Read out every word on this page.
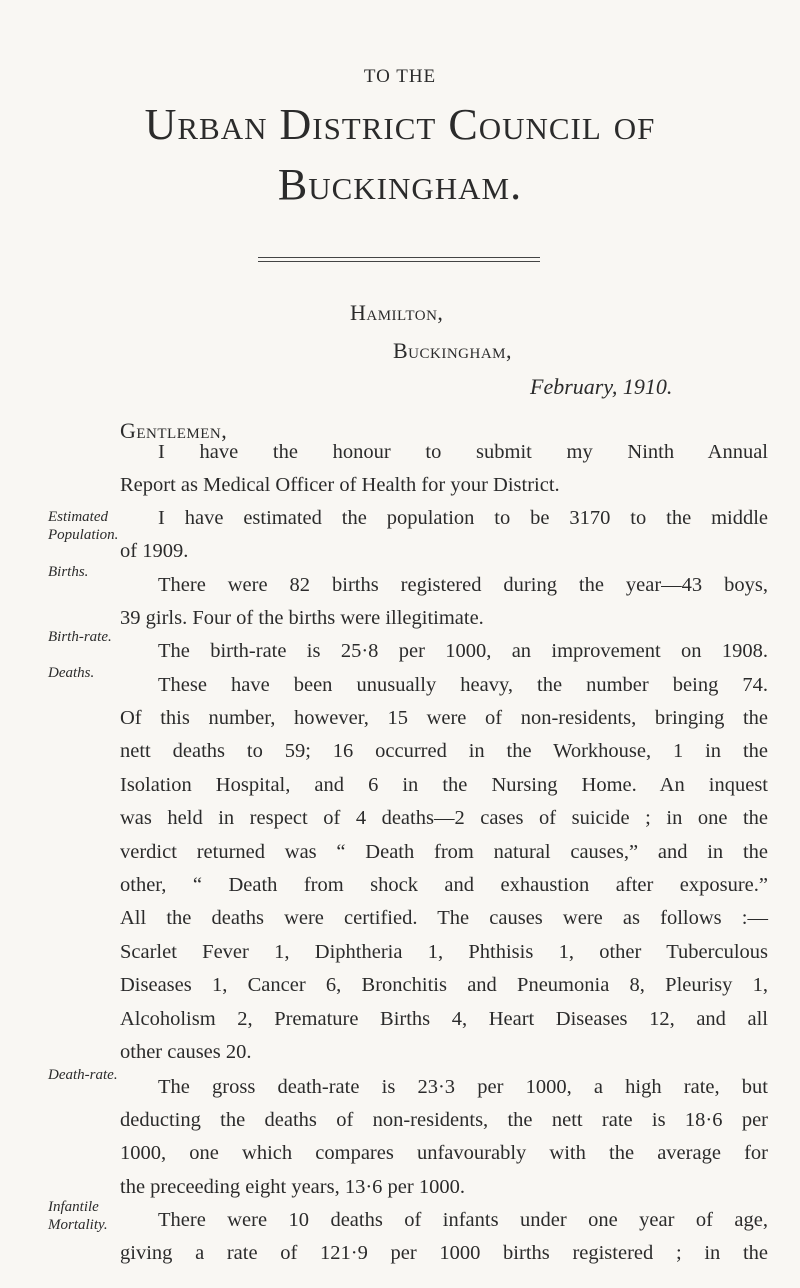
TO THE
Urban District Council of
Buckingham.
Hamilton,
Buckingham,
February, 1910.
Gentlemen,
Estimated
Population.
Births.
Birth-rate.
Deaths.
Death-rate.
Infantile
Mortality.
I have the honour to submit my Ninth Annual
Report as Medical Officer of Health for your District.
I have estimated the population to be 3170 to the middle
of 1909.
There were 82 births registered during the year—43 boys,
39 girls. Four of the births were illegitimate.
The birth-rate is 25·8 per 1000, an improvement on 1908.
These have been unusually heavy, the number being 74.
Of this number, however, 15 were of non-residents, bringing the
nett deaths to 59; 16 occurred in the Workhouse, 1 in the
Isolation Hospital, and 6 in the Nursing Home. An inquest
was held in respect of 4 deaths—2 cases of suicide ; in one the
verdict returned was “ Death from natural causes,” and in the
other, “ Death from shock and exhaustion after exposure.”
All the deaths were certified. The causes were as follows :—
Scarlet Fever 1, Diphtheria 1, Phthisis 1, other Tuberculous
Diseases 1, Cancer 6, Bronchitis and Pneumonia 8, Pleurisy 1,
Alcoholism 2, Premature Births 4, Heart Diseases 12, and all
other causes 20.
The gross death-rate is 23·3 per 1000, a high rate, but
deducting the deaths of non-residents, the nett rate is 18·6 per
1000, one which compares unfavourably with the average for
the preceeding eight years, 13·6 per 1000.
There were 10 deaths of infants under one year of age,
giving a rate of 121·9 per 1000 births registered ; in the
